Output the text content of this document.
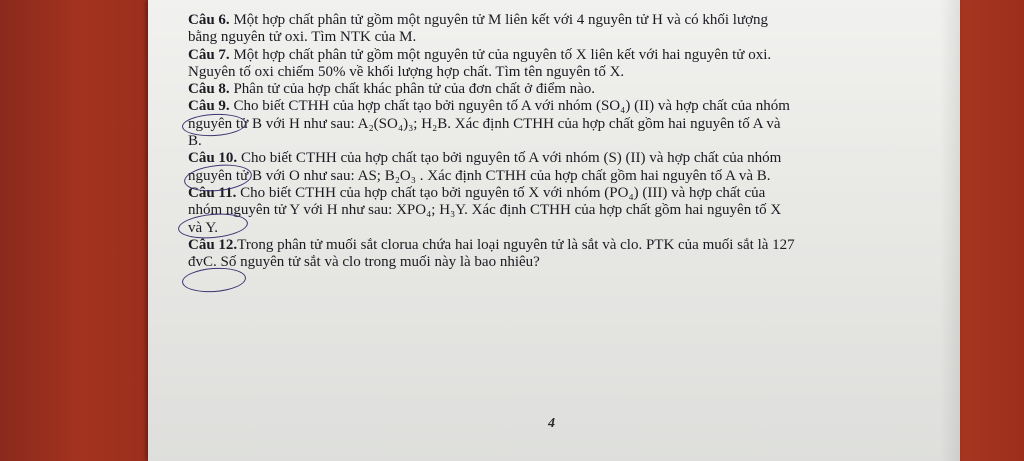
Câu 6. Một hợp chất phân tử gồm một nguyên tử M liên kết với 4 nguyên tử H và có khối lượng
bằng nguyên tử oxi. Tìm NTK của M.
Câu 7. Một hợp chất phân tử gồm một nguyên tử của nguyên tố X liên kết với hai nguyên tử oxi.
Nguyên tố oxi chiếm 50% về khối lượng hợp chất. Tìm tên nguyên tố X.
Câu 8. Phân tử của hợp chất khác phân tử của đơn chất ở điểm nào.
Câu 9. Cho biết CTHH của hợp chất tạo bởi nguyên tố A với nhóm (SO₄) (II) và hợp chất của nhóm
nguyên tử B với H như sau: A₂(SO₄)₃; H₂B. Xác định CTHH của hợp chất gồm hai nguyên tố A và
B.
Câu 10. Cho biết CTHH của hợp chất tạo bởi nguyên tố A với nhóm (S) (II) và hợp chất của nhóm
nguyên tử B với O như sau: AS; B₂O₃ . Xác định CTHH của hợp chất gồm hai nguyên tố A và B.
Câu 11. Cho biết CTHH của hợp chất tạo bởi nguyên tố X với nhóm (PO₄) (III) và hợp chất của
nhóm nguyên tử Y với H như sau: XPO₄; H₃Y. Xác định CTHH của hợp chất gồm hai nguyên tố X
và Y.
Câu 12.Trong phân tử muối sắt clorua chứa hai loại nguyên tử là sắt và clo. PTK của muối sắt là 127
đvC. Số nguyên tử sắt và clo trong muối này là bao nhiêu?
4
